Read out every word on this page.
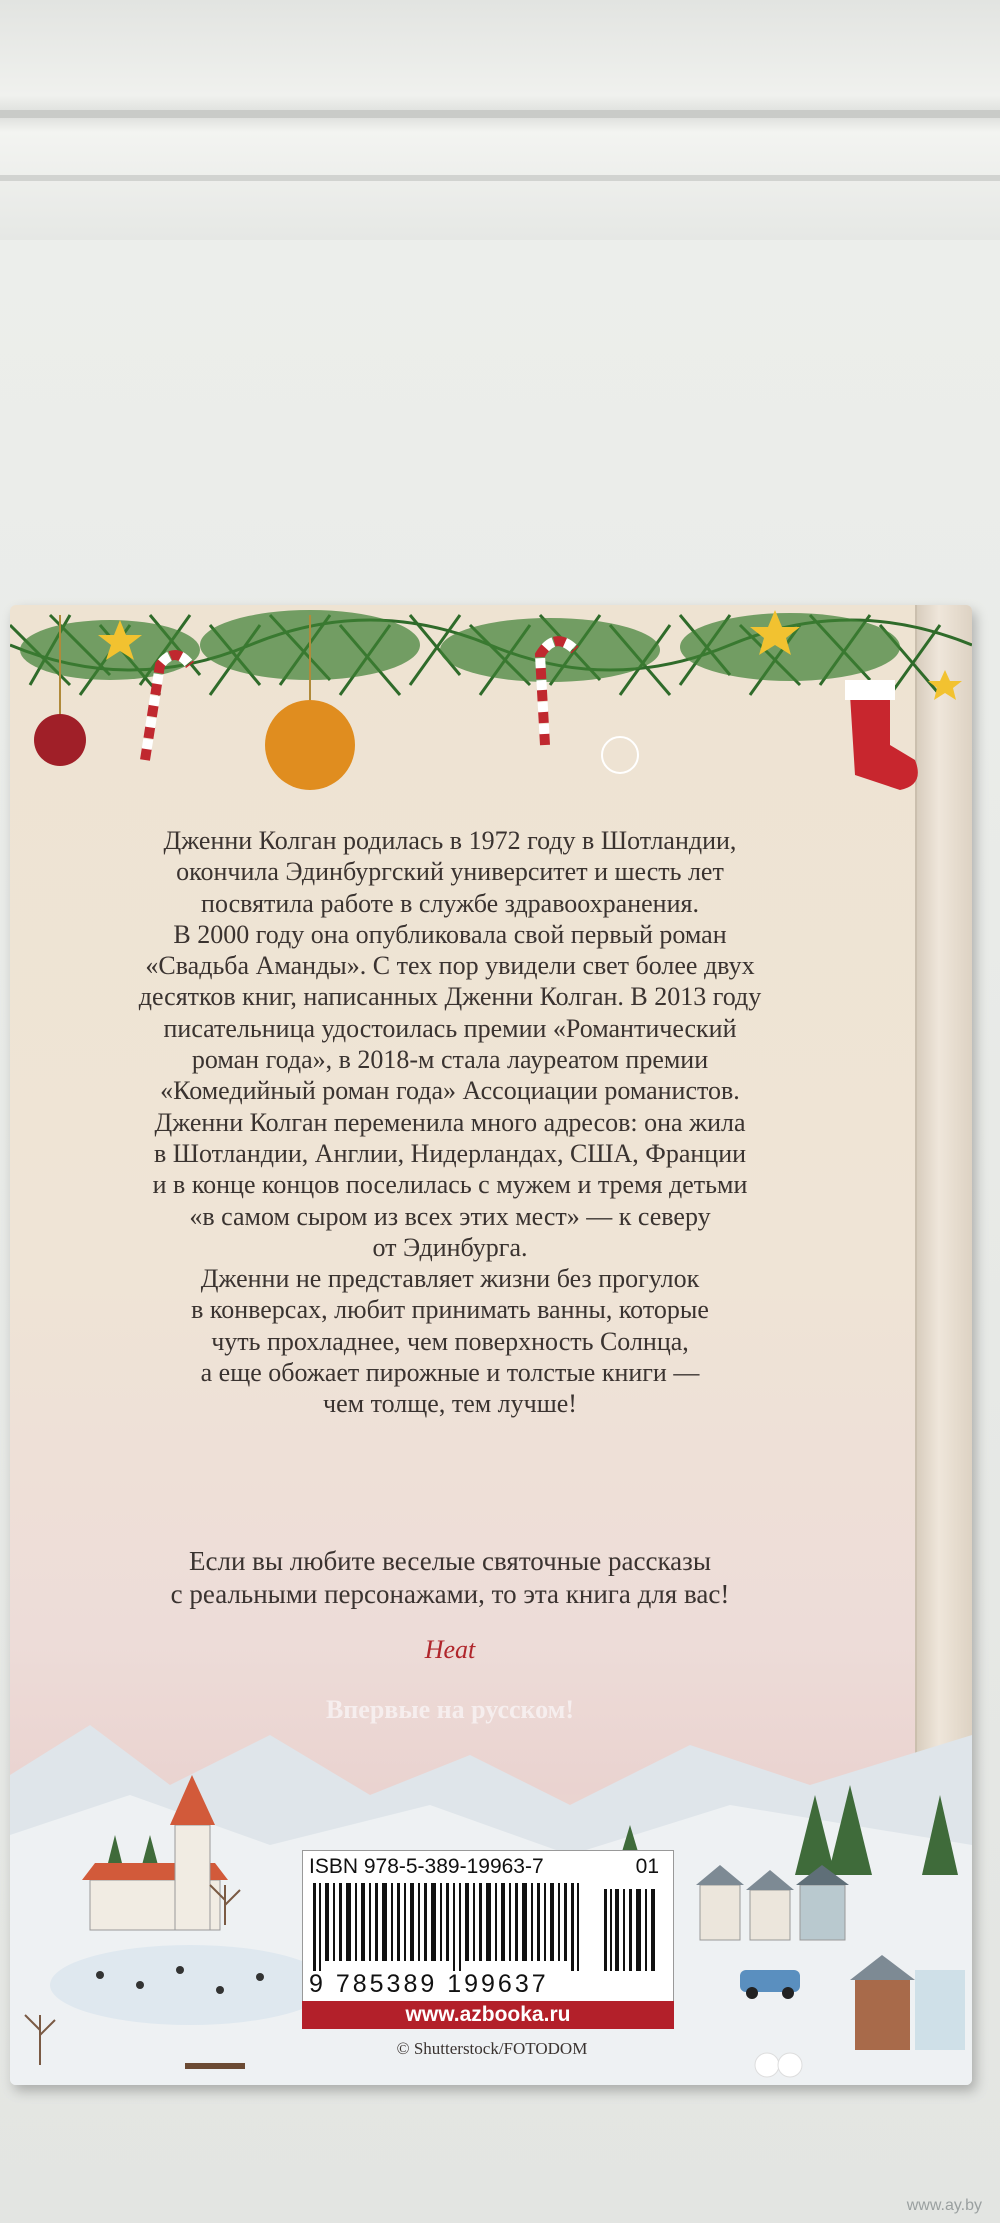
Дженни Колган родилась в 1972 году в Шотландии,
окончила Эдинбургский университет и шесть лет
посвятила работе в службе здравоохранения.
В 2000 году она опубликовала свой первый роман
«Свадьба Аманды». С тех пор увидели свет более двух
десятков книг, написанных Дженни Колган. В 2013 году
писательница удостоилась премии «Романтический
роман года», в 2018-м стала лауреатом премии
«Комедийный роман года» Ассоциации романистов.
Дженни Колган переменила много адресов: она жила
в Шотландии, Англии, Нидерландах, США, Франции
и в конце концов поселилась с мужем и тремя детьми
«в самом сыром из всех этих мест» — к северу
от Эдинбурга.
Дженни не представляет жизни без прогулок
в конверсах, любит принимать ванны, которые
чуть прохладнее, чем поверхность Солнца,
а еще обожает пирожные и толстые книги —
чем толще, тем лучше!
Если вы любите веселые святочные рассказы
с реальными персонажами, то эта книга для вас!
Heat
Впервые на русском!
ISBN 978-5-389-19963-7	01
9 785389 199637
www.azbooka.ru
© Shutterstock/FOTODOM
www.ay.by
